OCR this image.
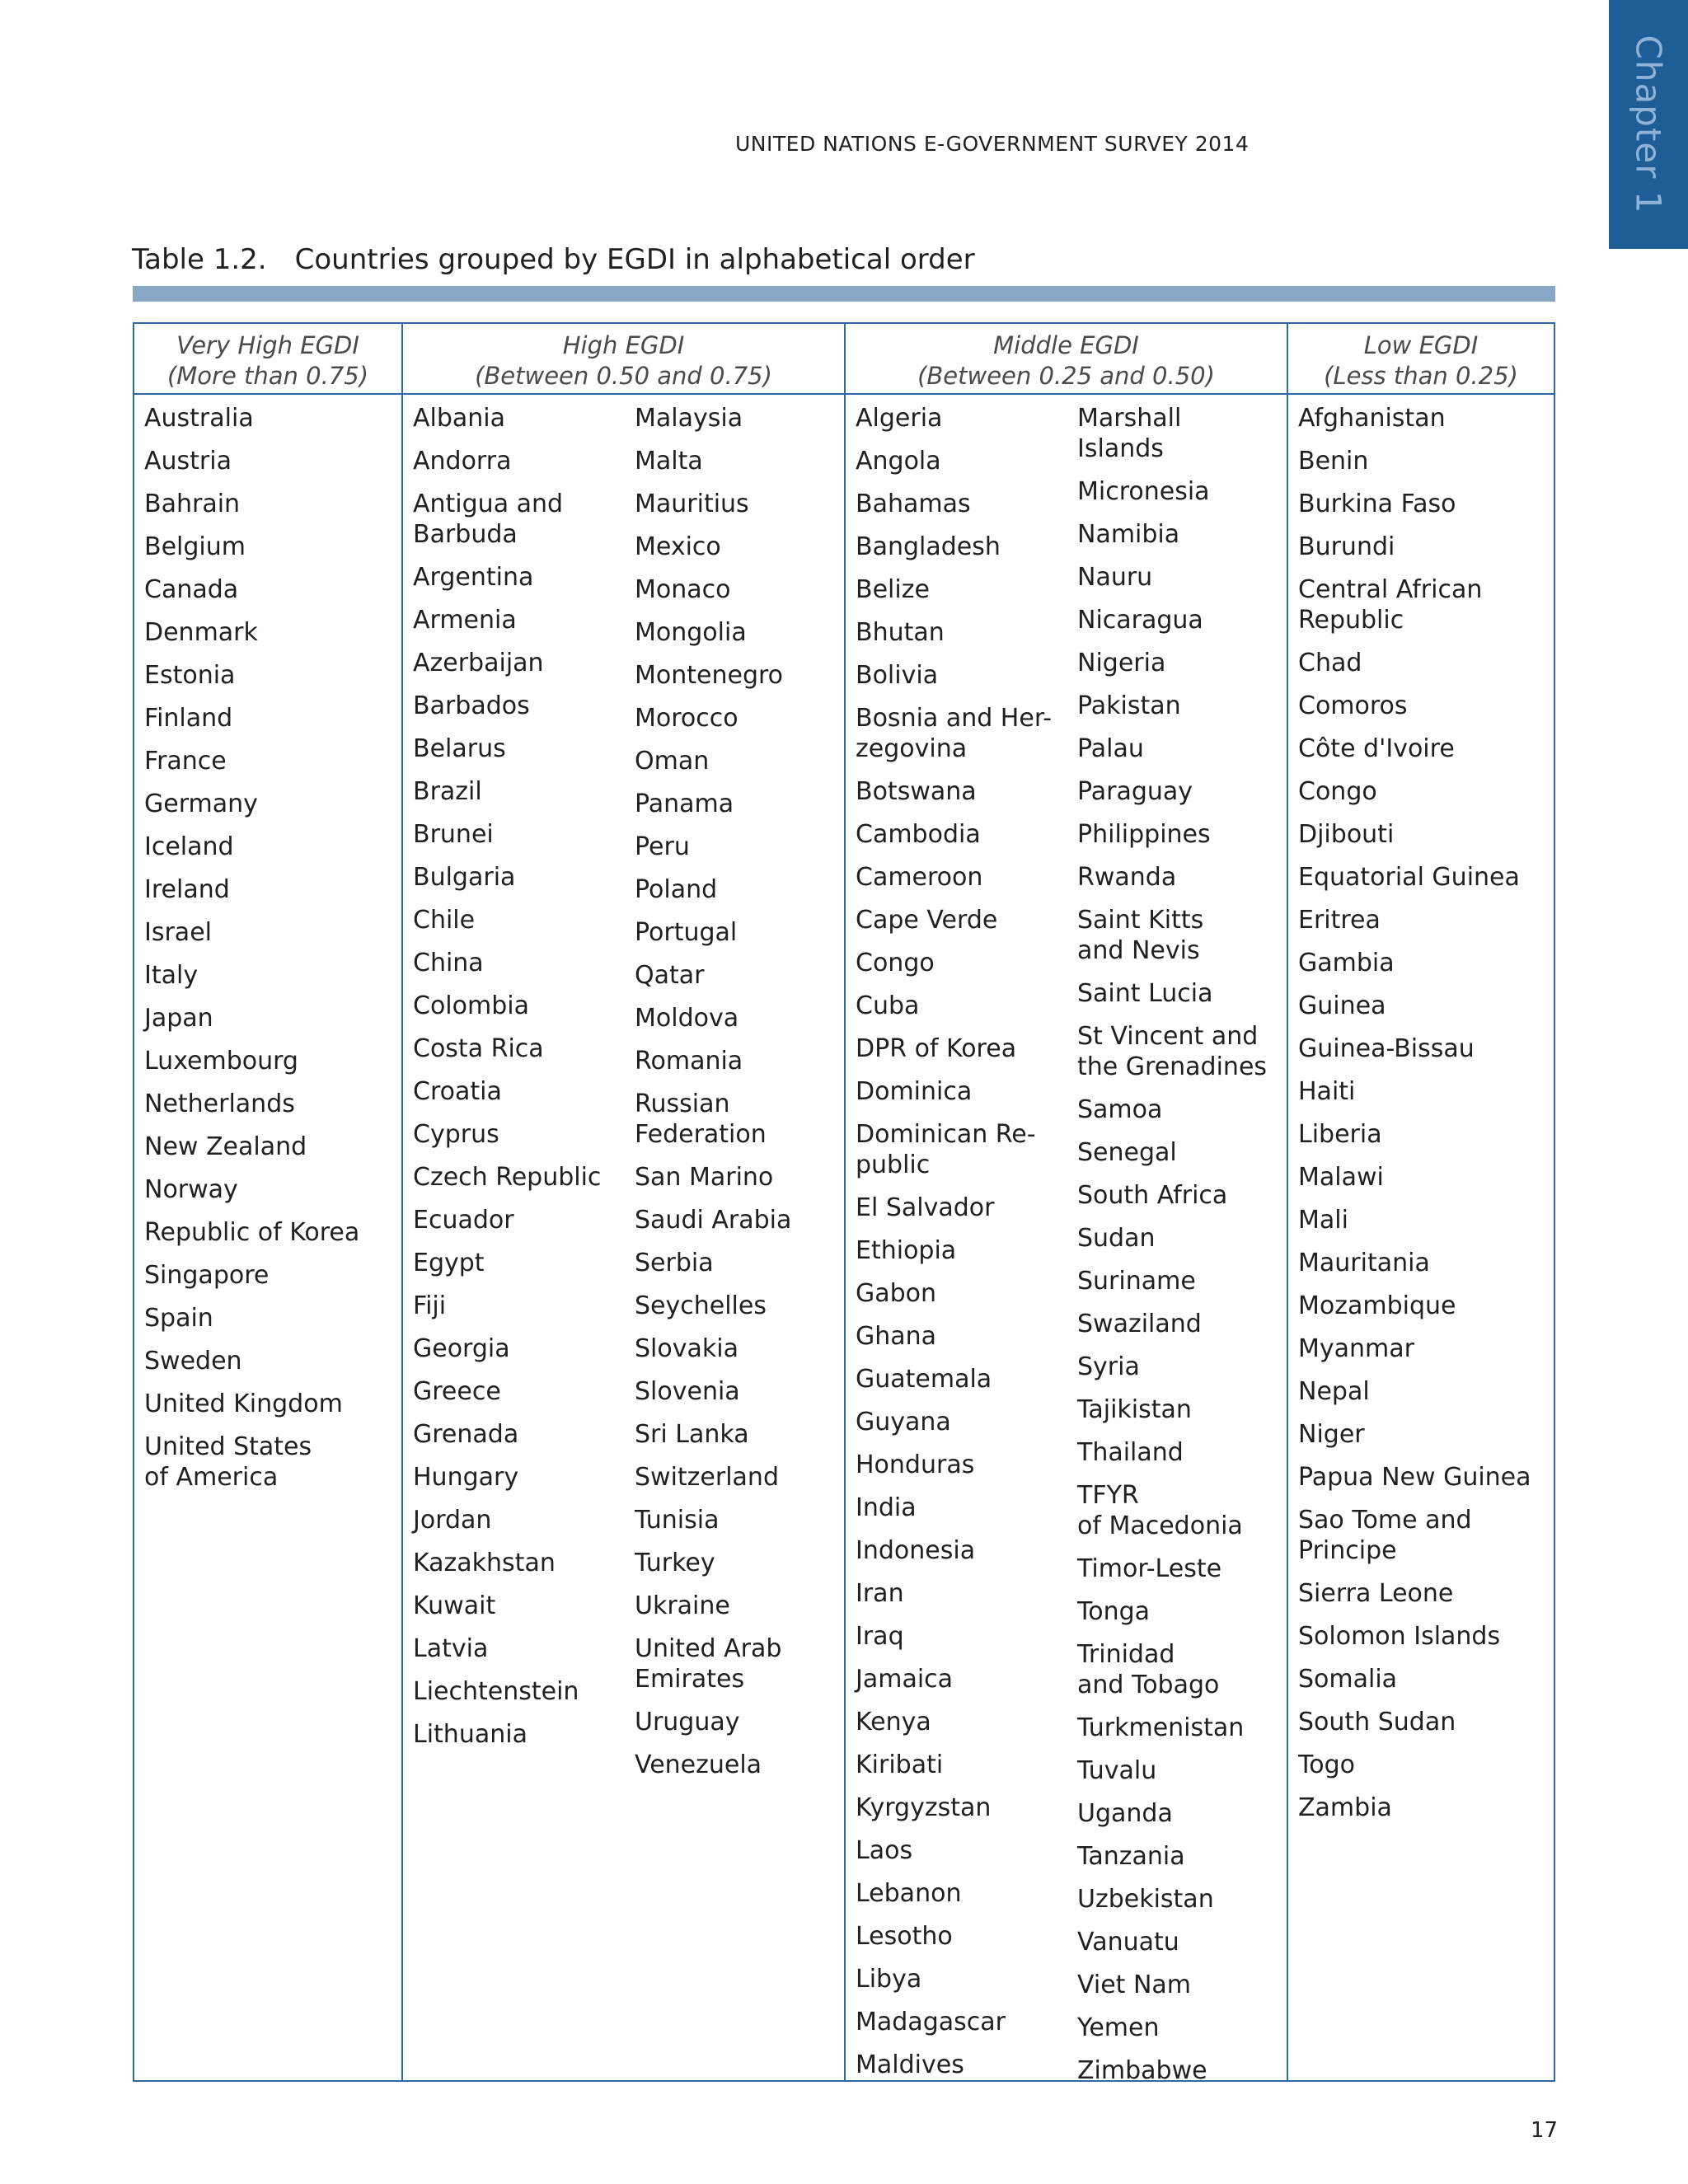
Chapter 1
UNITED NATIONS E-GOVERNMENT SURVEY 2014
Table 1.2. Countries grouped by EGDI in alphabetical order
Very High EGDI
(More than 0.75)
Australia
Austria
Bahrain
Belgium
Canada
Denmark
Estonia
Finland
France
Germany
Iceland
Ireland
Israel
Italy
Japan
Luxembourg
Netherlands
New Zealand
Norway
Republic of Korea
Singapore
Spain
Sweden
United Kingdom
United States
of America
High EGDI
(Between 0.50 and 0.75)
Albania
Andorra
Antigua and
Barbuda
Argentina
Armenia
Azerbaijan
Barbados
Belarus
Brazil
Brunei
Bulgaria
Chile
China
Colombia
Costa Rica
Croatia
Cyprus
Czech Republic
Ecuador
Egypt
Fiji
Georgia
Greece
Grenada
Hungary
Jordan
Kazakhstan
Kuwait
Latvia
Liechtenstein
Lithuania
Malaysia
Malta
Mauritius
Mexico
Monaco
Mongolia
Montenegro
Morocco
Oman
Panama
Peru
Poland
Portugal
Qatar
Moldova
Romania
Russian
Federation
San Marino
Saudi Arabia
Serbia
Seychelles
Slovakia
Slovenia
Sri Lanka
Switzerland
Tunisia
Turkey
Ukraine
United Arab
Emirates
Uruguay
Venezuela
Middle EGDI
(Between 0.25 and 0.50)
Algeria
Angola
Bahamas
Bangladesh
Belize
Bhutan
Bolivia
Bosnia and Her-
zegovina
Botswana
Cambodia
Cameroon
Cape Verde
Congo
Cuba
DPR of Korea
Dominica
Dominican Re-
public
El Salvador
Ethiopia
Gabon
Ghana
Guatemala
Guyana
Honduras
India
Indonesia
Iran
Iraq
Jamaica
Kenya
Kiribati
Kyrgyzstan
Laos
Lebanon
Lesotho
Libya
Madagascar
Maldives
Marshall
Islands
Micronesia
Namibia
Nauru
Nicaragua
Nigeria
Pakistan
Palau
Paraguay
Philippines
Rwanda
Saint Kitts
and Nevis
Saint Lucia
St Vincent and
the Grenadines
Samoa
Senegal
South Africa
Sudan
Suriname
Swaziland
Syria
Tajikistan
Thailand
TFYR
of Macedonia
Timor-Leste
Tonga
Trinidad
and Tobago
Turkmenistan
Tuvalu
Uganda
Tanzania
Uzbekistan
Vanuatu
Viet Nam
Yemen
Zimbabwe
Low EGDI
(Less than 0.25)
Afghanistan
Benin
Burkina Faso
Burundi
Central African
Republic
Chad
Comoros
Côte d'Ivoire
Congo
Djibouti
Equatorial Guinea
Eritrea
Gambia
Guinea
Guinea-Bissau
Haiti
Liberia
Malawi
Mali
Mauritania
Mozambique
Myanmar
Nepal
Niger
Papua New Guinea
Sao Tome and
Principe
Sierra Leone
Solomon Islands
Somalia
South Sudan
Togo
Zambia
17
